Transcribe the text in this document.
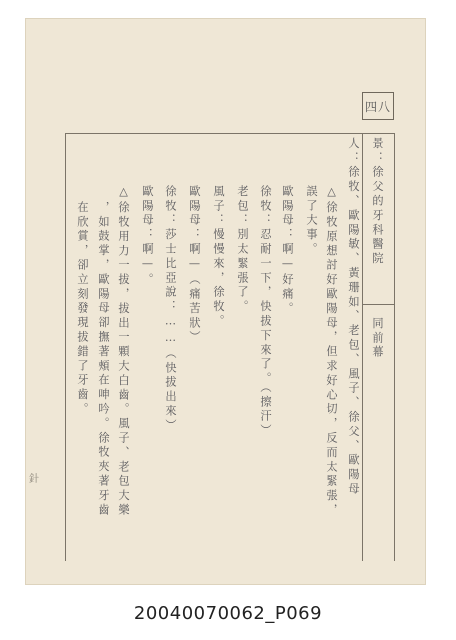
四八
景：徐父的牙科醫院
同前幕
人：徐牧、歐陽敏、黃珊如、老包、風子、徐父、歐陽母
△徐牧原想討好歐陽母，但求好心切，反而太緊張，
誤了大事。
歐陽母：啊—好痛。
徐牧：忍耐一下，快拔下來了。（擦汗）
老包：別太緊張了。
風子：慢慢來，徐牧。
歐陽母：啊—（痛苦狀）
徐牧：莎士比亞說：……（快拔出來）
歐陽母：啊—。
△徐牧用力一拔，拔出一顆大白齒。風子、老包大樂
，如鼓掌，歐陽母卻撫著頰在呻吟。徐牧夾著牙齒
在欣賞，卻立刻發現拔錯了牙齒。
針
20040070062_P069
